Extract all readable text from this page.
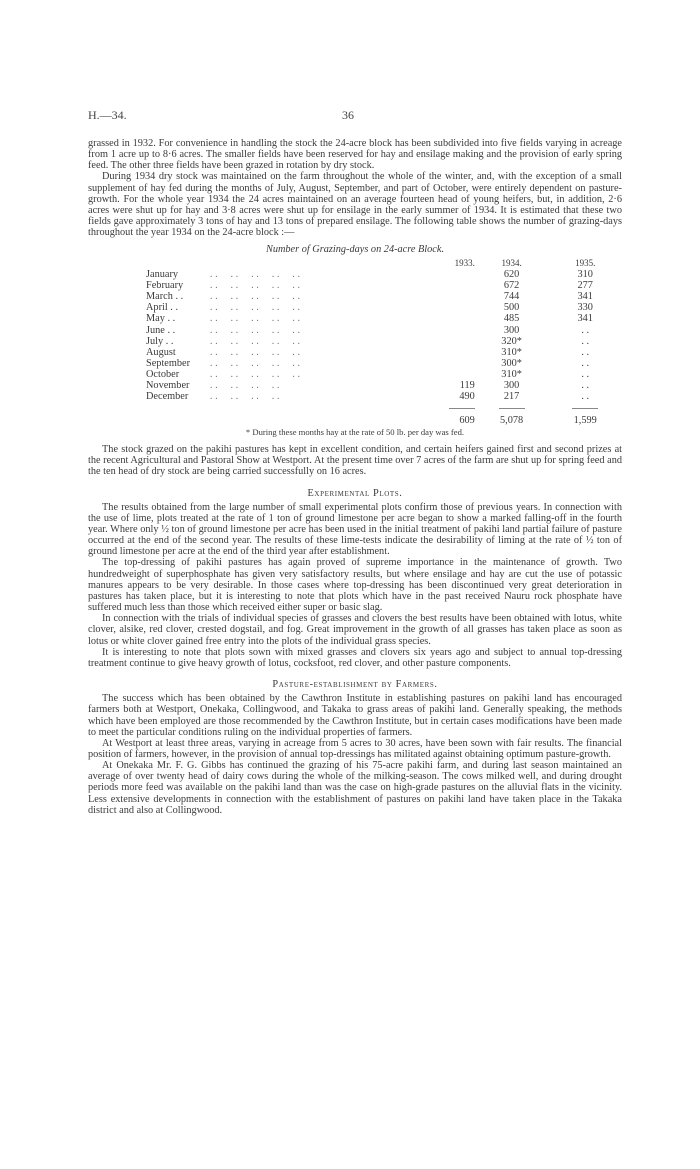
H.—34.	36

grassed in 1932. For convenience in handling the stock the 24-acre block has been subdivided into five fields varying in acreage from 1 acre up to 8·6 acres. The smaller fields have been reserved for hay and ensilage making and the provision of early spring feed. The other three fields have been grazed in rotation by dry stock.

During 1934 dry stock was maintained on the farm throughout the whole of the winter, and, with the exception of a small supplement of hay fed during the months of July, August, September, and part of October, were entirely dependent on pasture-growth. For the whole year 1934 the 24 acres maintained on an average fourteen head of young heifers, but, in addition, 2·6 acres were shut up for hay and 3·8 acres were shut up for ensilage in the early summer of 1934. It is estimated that these two fields gave approximately 3 tons of hay and 13 tons of prepared ensilage. The following table shows the number of grazing-days throughout the year 1934 on the 24-acre block :—

Number of Grazing-days on 24-acre Block.
		1933.	1934.	1935.
January	. .     . .     . .     . .     . .		620	310
February	. .     . .     . .     . .     . .		672	277
March . .	. .     . .     . .     . .     . .		744	341
April . .	. .     . .     . .     . .     . .		500	330
May . .	. .     . .     . .     . .     . .		485	341
June . .	. .     . .     . .     . .     . .		300	. .
July . .	. .     . .     . .     . .     . .		320*	. .
August	. .     . .     . .     . .     . .		310*	. .
September	. .     . .     . .     . .     . .		300*	. .
October	. .     . .     . .     . .     . .		310*	. .
November	. .     . .     . .     . .	119	300	. .
December	. .     . .     . .     . .	490	217	. .

		609	5,078	1,599
* During these months hay at the rate of 50 lb. per day was fed.

The stock grazed on the pakihi pastures has kept in excellent condition, and certain heifers gained first and second prizes at the recent Agricultural and Pastoral Show at Westport. At the present time over 7 acres of the farm are shut up for spring feed and the ten head of dry stock are being carried successfully on 16 acres.

Experimental Plots.

The results obtained from the large number of small experimental plots confirm those of previous years. In connection with the use of lime, plots treated at the rate of 1 ton of ground limestone per acre began to show a marked falling-off in the fourth year. Where only ½ ton of ground limestone per acre has been used in the initial treatment of pakihi land partial failure of pasture occurred at the end of the second year. The results of these lime-tests indicate the desirability of liming at the rate of ½ ton of ground limestone per acre at the end of the third year after establishment.

The top-dressing of pakihi pastures has again proved of supreme importance in the maintenance of growth. Two hundredweight of superphosphate has given very satisfactory results, but where ensilage and hay are cut the use of potassic manures appears to be very desirable. In those cases where top-dressing has been discontinued very great deterioration in pastures has taken place, but it is interesting to note that plots which have in the past received Nauru rock phosphate have suffered much less than those which received either super or basic slag.

In connection with the trials of individual species of grasses and clovers the best results have been obtained with lotus, white clover, alsike, red clover, crested dogstail, and fog. Great improvement in the growth of all grasses has taken place as soon as lotus or white clover gained free entry into the plots of the individual grass species.

It is interesting to note that plots sown with mixed grasses and clovers six years ago and subject to annual top-dressing treatment continue to give heavy growth of lotus, cocksfoot, red clover, and other pasture components.

Pasture-establishment by Farmers.

The success which has been obtained by the Cawthron Institute in establishing pastures on pakihi land has encouraged farmers both at Westport, Onekaka, Collingwood, and Takaka to grass areas of pakihi land. Generally speaking, the methods which have been employed are those recommended by the Cawthron Institute, but in certain cases modifications have been made to meet the particular conditions ruling on the individual properties of farmers.

At Westport at least three areas, varying in acreage from 5 acres to 30 acres, have been sown with fair results. The financial position of farmers, however, in the provision of annual top-dressings has militated against obtaining optimum pasture-growth.

At Onekaka Mr. F. G. Gibbs has continued the grazing of his 75-acre pakihi farm, and during last season maintained an average of over twenty head of dairy cows during the whole of the milking-season. The cows milked well, and during drought periods more feed was available on the pakihi land than was the case on high-grade pastures on the alluvial flats in the vicinity. Less extensive developments in connection with the establishment of pastures on pakihi land have taken place in the Takaka district and also at Collingwood.
